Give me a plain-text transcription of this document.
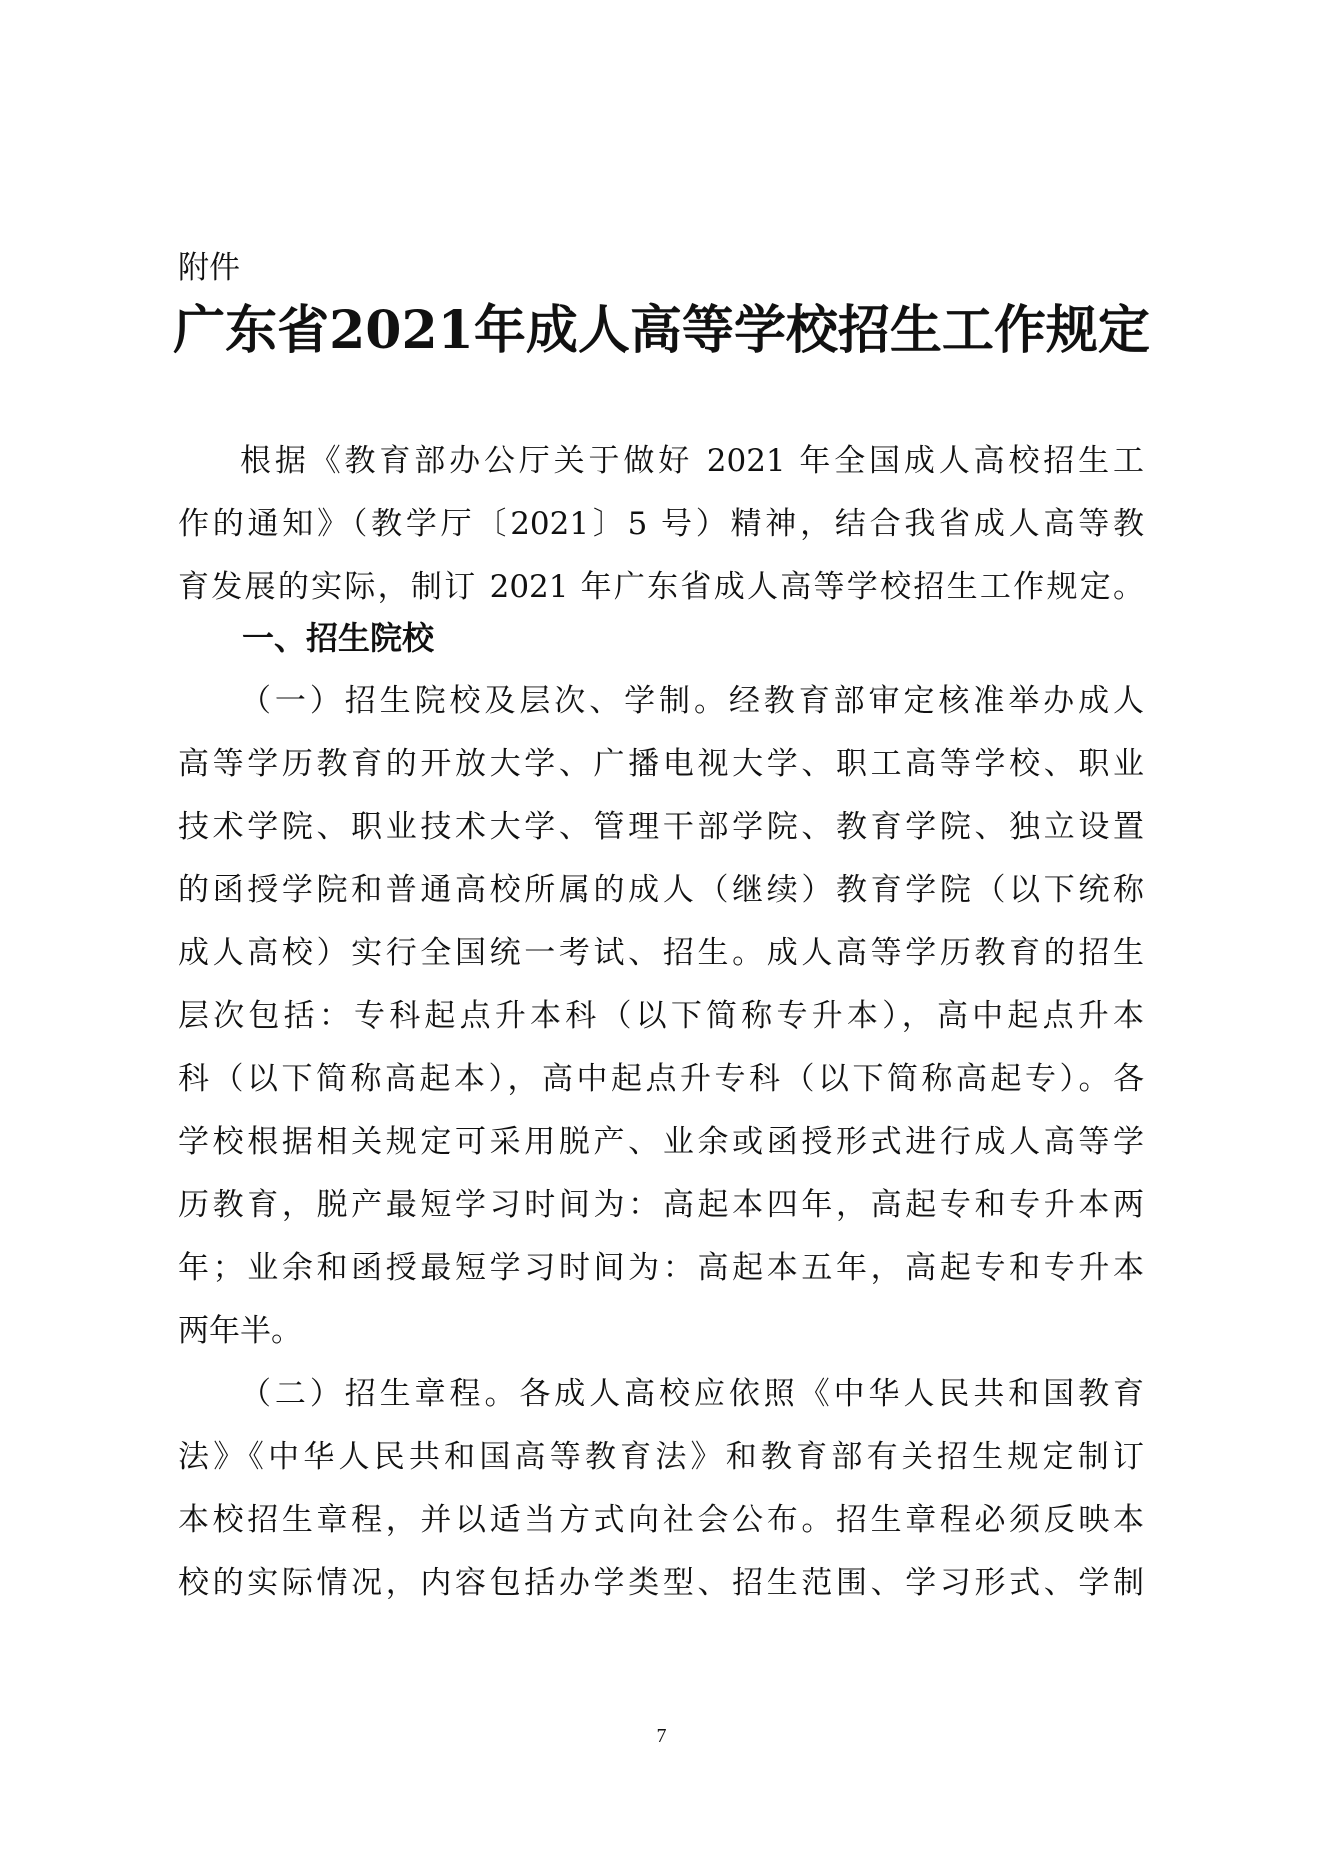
附件
广东省2021年成人高等学校招生工作规定
根据《教育部办公厅关于做好 2021 年全国成人高校招生工
作的通知》（教学厅〔2021〕5 号）精神，结合我省成人高等教
育发展的实际，制订 2021 年广东省成人高等学校招生工作规定。
一、招生院校
（一）招生院校及层次、学制。经教育部审定核准举办成人
高等学历教育的开放大学、广播电视大学、职工高等学校、职业
技术学院、职业技术大学、管理干部学院、教育学院、独立设置
的函授学院和普通高校所属的成人（继续）教育学院（以下统称
成人高校）实行全国统一考试、招生。成人高等学历教育的招生
层次包括：专科起点升本科（以下简称专升本），高中起点升本
科（以下简称高起本），高中起点升专科（以下简称高起专）。各
学校根据相关规定可采用脱产、业余或函授形式进行成人高等学
历教育，脱产最短学习时间为：高起本四年，高起专和专升本两
年；业余和函授最短学习时间为：高起本五年，高起专和专升本
两年半。
（二）招生章程。各成人高校应依照《中华人民共和国教育
法》《中华人民共和国高等教育法》和教育部有关招生规定制订
本校招生章程，并以适当方式向社会公布。招生章程必须反映本
校的实际情况，内容包括办学类型、招生范围、学习形式、学制
7
